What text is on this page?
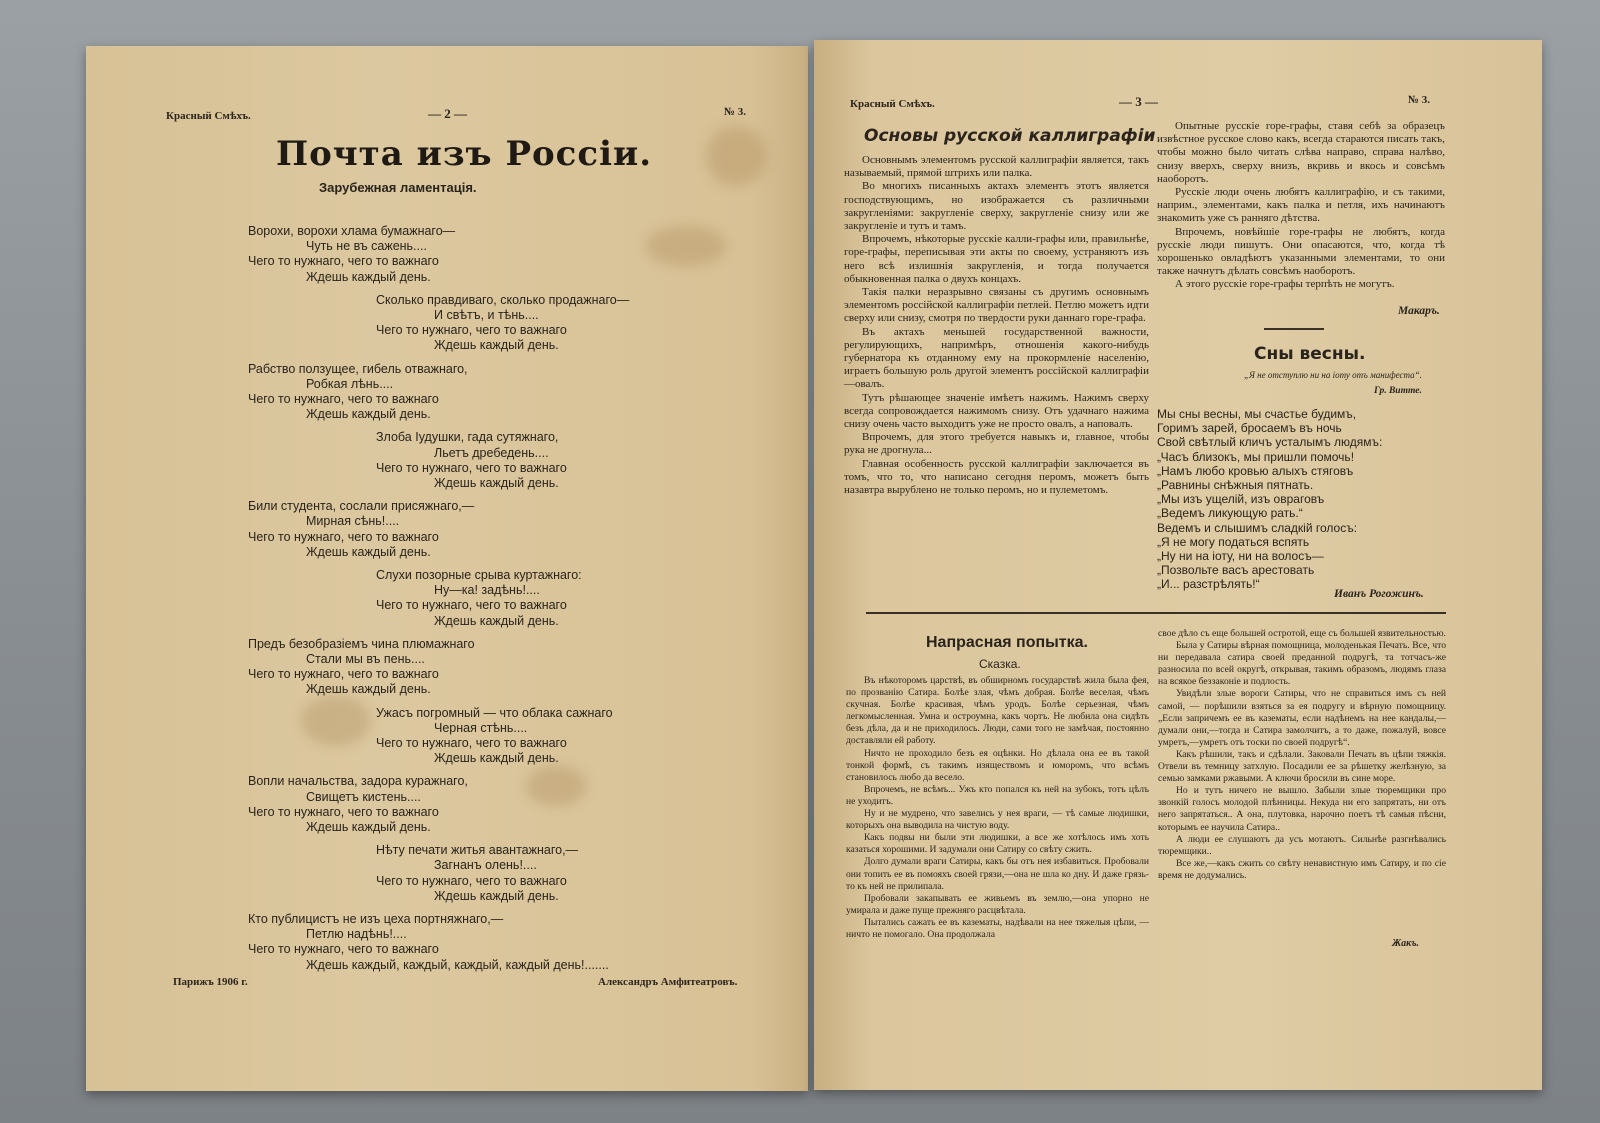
Красный Смѣхъ.	— 2 —	№ 3.
Почта изъ Россіи.
Зарубежная ламентація.
Ворохи, ворохи хлама бумажнаго—
Чуть не въ сажень....
Чего то нужнаго, чего то важнаго
Ждешь каждый день.
Сколько правдиваго, сколько продажнаго—
И свѣтъ, и тѣнь....
Чего то нужнаго, чего то важнаго
Ждешь каждый день.
Рабство ползущее, гибель отважнаго,
Робкая лѣнь....
Чего то нужнаго, чего то важнаго
Ждешь каждый день.
Злоба Іудушки, гада сутяжнаго,
Льетъ дребедень....
Чего то нужнаго, чего то важнаго
Ждешь каждый день.
Били студента, сослали присяжнаго,—
Мирная сѣнь!....
Чего то нужнаго, чего то важнаго
Ждешь каждый день.
Слухи позорные срыва куртажнаго:
Ну—ка! задѣнь!....
Чего то нужнаго, чего то важнаго
Ждешь каждый день.
Предъ безобразіемъ чина плюмажнаго
Стали мы въ пень....
Чего то нужнаго, чего то важнаго
Ждешь каждый день.
Ужасъ погромный — что облака сажнаго
Черная стѣнь....
Чего то нужнаго, чего то важнаго
Ждешь каждый день.
Вопли начальства, задора куражнаго,
Свищетъ кистень....
Чего то нужнаго, чего то важнаго
Ждешь каждый день.
Нѣту печати житья авантажнаго,—
Загнанъ олень!....
Чего то нужнаго, чего то важнаго
Ждешь каждый день.
Кто публицистъ не изъ цеха портняжнаго,—
Петлю надѣнь!....
Чего то нужнаго, чего то важнаго
Ждешь каждый, каждый, каждый, каждый день!.......
Парижъ 1906 г.	Александръ Амфитеатровъ.
Красный Смѣхъ.	— 3 —	№ 3.
Основы русской каллиграфіи

Основнымъ элементомъ русской каллиграфіи является, такъ называемый, прямой штрихъ или палка.

Во многихъ писанныхъ актахъ элементъ этотъ является господствующимъ, но изображается съ различными закругленіями: закругленіе сверху, закругленіе снизу или же закругленіе и тутъ и тамъ.

Впрочемъ, нѣкоторые русскіе калли-графы или, правильнѣе, горе-графы, переписывая эти акты по своему, устраняютъ изъ него всѣ излишнія закругленія, и тогда получается обыкновенная палка о двухъ концахъ.

Такія палки неразрывно связаны съ другимъ основнымъ элементомъ россійской каллиграфіи петлей. Петлю можетъ идти сверху или снизу, смотря по твердости руки даннаго горе-графа.

Въ актахъ меньшей государственной важности, регулирующихъ, напримѣръ, отношенія какого-нибудь губернатора къ отданному ему на прокормленіе населенію, играетъ большую роль другой элементъ россійской каллиграфіи—овалъ.

Тутъ рѣшающее значеніе имѣетъ нажимъ. Нажимъ сверху всегда сопровождается нажимомъ снизу. Отъ удачнаго нажима снизу очень часто выходитъ уже не просто овалъ, а наповалъ.

Впрочемъ, для этого требуется навыкъ и, главное, чтобы рука не дрогнула...

Главная особенность русской каллиграфіи заключается въ томъ, что то, что написано сегодня перомъ, можетъ быть назавтра вырублено не только перомъ, но и пулеметомъ.

Опытные русскіе горе-графы, ставя себѣ за образецъ извѣстное русское слово какъ, всегда стараются писать такъ, чтобы можно было читать слѣва направо, справа налѣво, снизу вверхъ, сверху внизъ, вкривь и вкось и совсѣмъ наоборотъ.

Русскіе люди очень любятъ каллиграфію, и съ такими, наприм., элементами, какъ палка и петля, ихъ начинаютъ знакомить уже съ ранняго дѣтства.

Впрочемъ, новѣйшіе горе-графы не любятъ, когда русскіе люди пишутъ. Они опасаются, что, когда тѣ хорошенько овладѣютъ указанными элементами, то они также начнутъ дѣлать совсѣмъ наоборотъ.

А этого русскіе горе-графы терпѣть не могутъ.

Макаръ.
Сны весны.
„Я не отступлю ни на іоту отъ манифеста“.
Гр. Витте.
Мы сны весны, мы счастье будимъ,
Горимъ зарей, бросаемъ въ ночь
Свой свѣтлый кличъ усталымъ людямъ:
„Часъ близокъ, мы пришли помочь!
„Намъ любо кровью алыхъ стяговъ
„Равнины снѣжныя пятнать.
„Мы изъ ущелій, изъ овраговъ
„Ведемъ ликующую рать.“
Ведемъ и слышимъ сладкій голосъ:
„Я не могу податься вспять
„Ну ни на іоту, ни на волосъ—
„Позвольте васъ арестовать
„И... разстрѣлять!“
Иванъ Рогожинъ.
Напрасная попытка.
Сказка.

Въ нѣкоторомъ царствѣ, въ обширномъ государствѣ жила была фея, по прозванію Сатира. Болѣе злая, чѣмъ добрая. Болѣе веселая, чѣмъ скучная. Болѣе красивая, чѣмъ уродъ. Болѣе серьезная, чѣмъ легкомысленная. Умна и остроумна, какъ чортъ. Не любила она сидѣть безъ дѣла, да и не приходилось. Люди, сами того не замѣчая, постоянно доставляли ей работу.

Ничто не проходило безъ ея оцѣнки. Но дѣлала она ее въ такой тонкой формѣ, съ такимъ изяществомъ и юморомъ, что всѣмъ становилось любо да весело.

Впрочемъ, не всѣмъ... Ужъ кто попался къ ней на зубокъ, тотъ цѣлъ не уходитъ.

Ну и не мудрено, что завелись у нея враги, — тѣ самые людишки, которыхъ она выводила на чистую воду.

Какъ подвы ни были эти людишки, а все же хотѣлось имъ хоть казаться хорошими. И задумали они Сатиру со свѣту сжить.

Долго думали враги Сатиры, какъ бы отъ нея избавиться. Пробовали они топить ее въ помояхъ своей грязи,—она не шла ко дну. И даже грязь-то къ ней не прилипала.

Пробовали закапывать ее живьемъ въ землю,—она упорно не умирала и даже пуще прежняго расцвѣтала.

Пытались сажать ее въ казематы, надѣвали на нее тяжелыя цѣпи, — ничто не помогало. Она продолжала

свое дѣло съ еще большей остротой, еще съ большей язвительностью.

Была у Сатиры вѣрная помощница, молоденькая Печать. Все, что ни передавала сатира своей преданной подругѣ, та тотчасъ-же разносила по всей округѣ, открывая, такимъ образомъ, людямъ глаза на всякое беззаконіе и подлость.

Увидѣли злые вороги Сатиры, что не справиться имъ съ ней самой, — порѣшили взяться за ея подругу и вѣрную помощницу. „Если запричемъ ее въ казематы, если надѣнемъ на нее кандалы,—думали они,—тогда и Сатира замолчитъ, а то даже, пожалуй, вовсе умретъ,—умретъ отъ тоски по своей подругѣ“.

Какъ рѣшили, такъ и сдѣлали. Заковали Печать въ цѣпи тяжкія. Отвели въ темницу затхлую. Посадили ее за рѣшетку желѣзную, за семью замками ржавыми. А ключи бросили въ сине море.

Но и тутъ ничего не вышло. Забыли злые тюремщики про звонкій голосъ молодой плѣнницы. Некуда ни его запрятать, ни отъ него запрятаться.. А она, плутовка, нарочно поетъ тѣ самыя пѣсни, которымъ ее научила Сатира..

А люди ее слушаютъ да усъ мотаютъ. Сильнѣе разгнѣвались тюремщики..

Все же,—какъ сжить со свѣту ненавистную имъ Сатиру, и по сіе время не додумались.

Жакъ.
